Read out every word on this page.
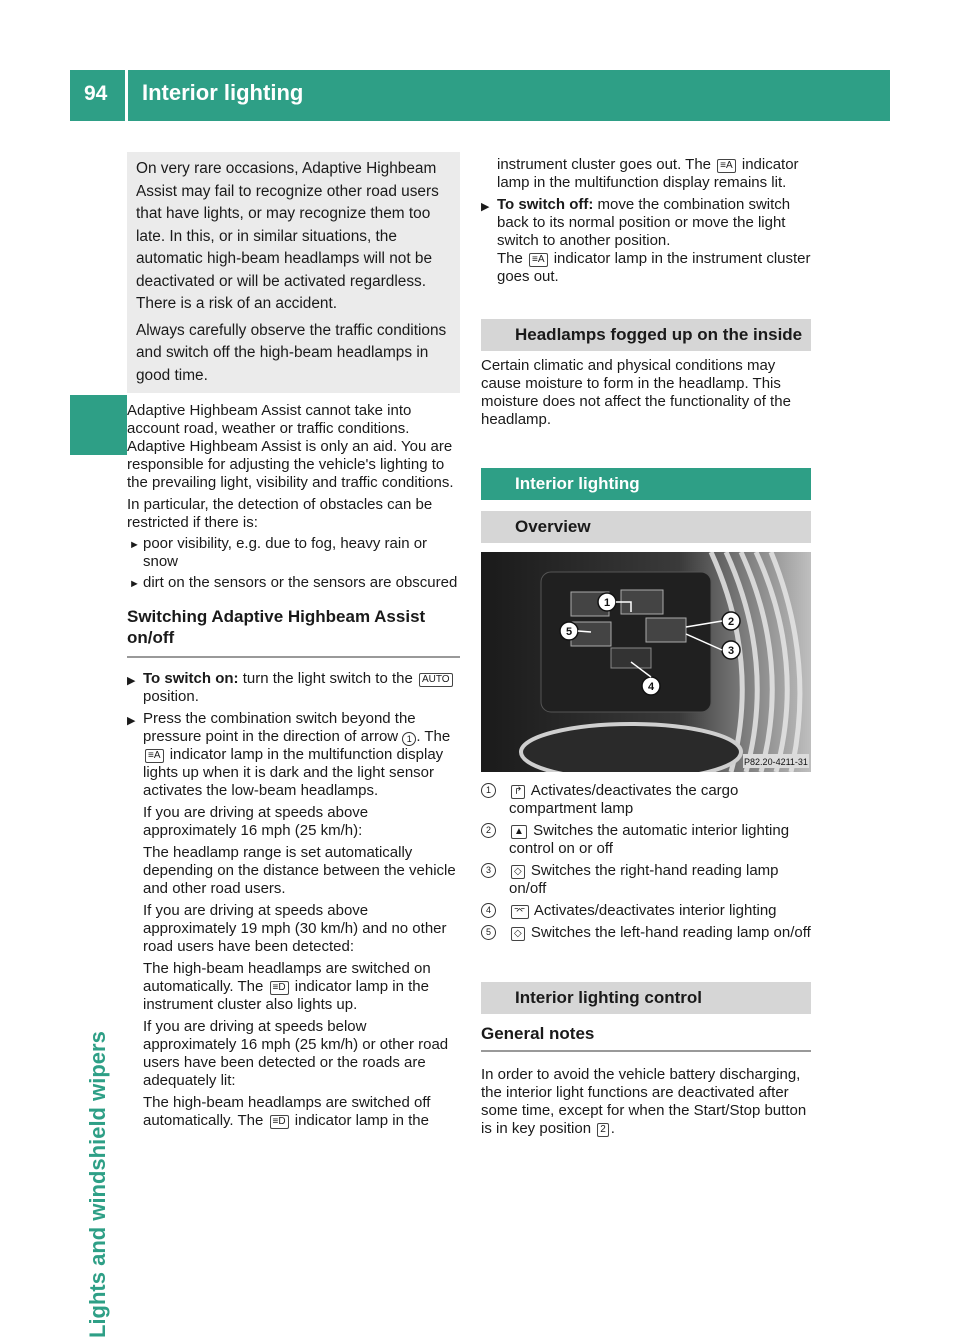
94 Interior lighting
Lights and windshield wipers

On very rare occasions, Adaptive Highbeam Assist may fail to recognize other road users that have lights, or may recognize them too late. In this, or in similar situations, the automatic high-beam headlamps will not be deactivated or will be activated regardless. There is a risk of an accident.

Always carefully observe the traffic conditions and switch off the high-beam headlamps in good time.

Adaptive Highbeam Assist cannot take into account road, weather or traffic conditions. Adaptive Highbeam Assist is only an aid. You are responsible for adjusting the vehicle's lighting to the prevailing light, visibility and traffic conditions.

In particular, the detection of obstacles can be restricted if there is:

► poor visibility, e.g. due to fog, heavy rain or snow
► dirt on the sensors or the sensors are obscured
Switching Adaptive Highbeam Assist on/off
▶ To switch on: turn the light switch to the AUTO position.
▶ Press the combination switch beyond the pressure point in the direction of arrow 1 . The ≡A indicator lamp in the multifunction display lights up when it is dark and the light sensor activates the low-beam headlamps.

If you are driving at speeds above approximately 16 mph (25 km/h):

The headlamp range is set automatically depending on the distance between the vehicle and other road users.

If you are driving at speeds above approximately 19 mph (30 km/h) and no other road users have been detected:

The high-beam headlamps are switched on automatically. The ≡D indicator lamp in the instrument cluster also lights up.

If you are driving at speeds below approximately 16 mph (25 km/h) or other road users have been detected or the roads are adequately lit:

The high-beam headlamps are switched off automatically. The ≡D indicator lamp in the

instrument cluster goes out. The ≡A indicator lamp in the multifunction display remains lit.

▶ To switch off: move the combination switch back to its normal position or move the light switch to another position.

The ≡A indicator lamp in the instrument cluster goes out.

Headlamps fogged up on the inside

Certain climatic and physical conditions may cause moisture to form in the headlamp. This moisture does not affect the functionality of the headlamp.

Interior lighting
Overview
1
2
3
4
5
P82.20-4211-31
1	↱ Activates/deactivates the cargo compartment lamp
2	▲ Switches the automatic interior lighting control on or off
3	◇ Switches the right-hand reading lamp on/off
4	⌤ Activates/deactivates interior lighting
5	◇ Switches the left-hand reading lamp on/off
Interior lighting control
General notes

In order to avoid the vehicle battery discharging, the interior light functions are deactivated after some time, except for when the Start/Stop button is in key position 2 .
